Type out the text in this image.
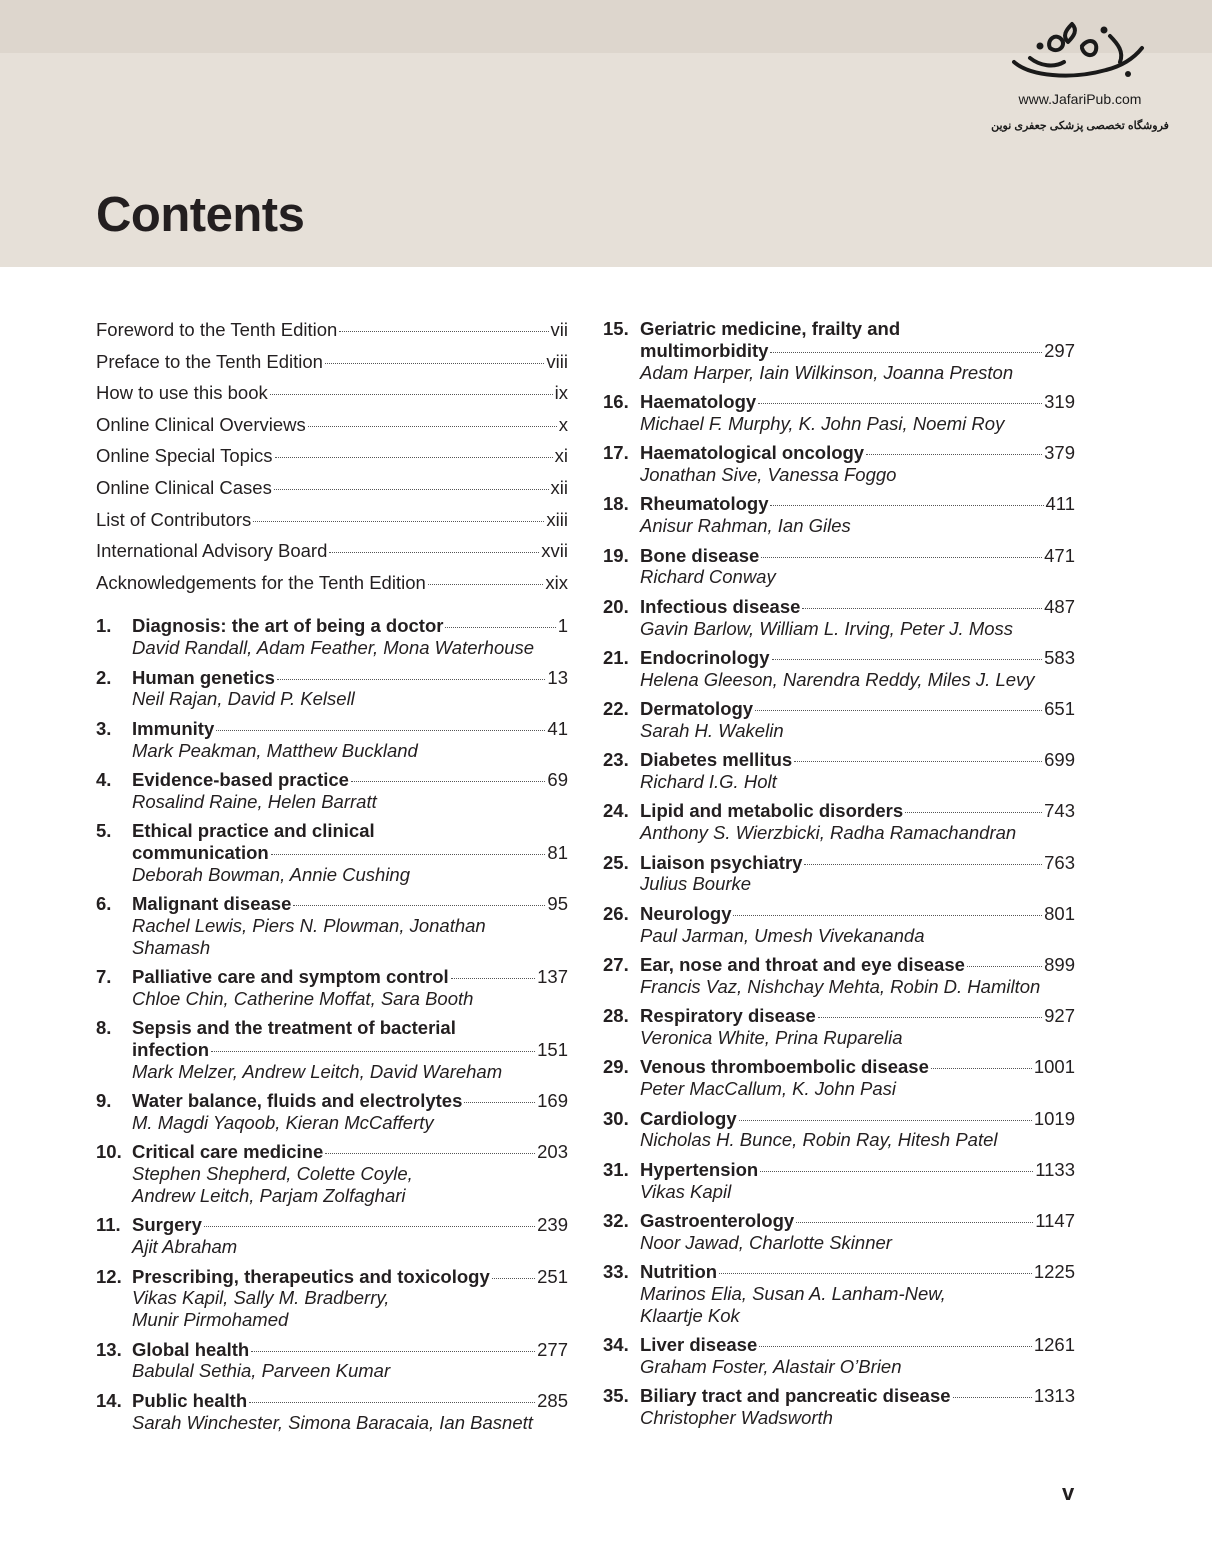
www.JafariPub.com
فروشگاه تخصصی پزشکی جعفری نوین
Contents
Foreword to the Tenth Edition	vii
Preface to the Tenth Edition	viii
How to use this book	ix
Online Clinical Overviews	x
Online Special Topics	xi
Online Clinical Cases	xii
List of Contributors	xiii
International Advisory Board	xvii
Acknowledgements for the Tenth Edition	xix
1.	Diagnosis: the art of being a doctor	1
David Randall, Adam Feather, Mona Waterhouse
2.	Human genetics	13
Neil Rajan, David P. Kelsell
3.	Immunity	41
Mark Peakman, Matthew Buckland
4.	Evidence-based practice	69
Rosalind Raine, Helen Barratt
5.	Ethical practice and clinical
communication	81
Deborah Bowman, Annie Cushing
6.	Malignant disease	95
Rachel Lewis, Piers N. Plowman, Jonathan Shamash
7.	Palliative care and symptom control	137
Chloe Chin, Catherine Moffat, Sara Booth
8.	Sepsis and the treatment of bacterial
infection	151
Mark Melzer, Andrew Leitch, David Wareham
9.	Water balance, fluids and electrolytes	169
M. Magdi Yaqoob, Kieran McCafferty
10. Critical care medicine	203
Stephen Shepherd, Colette Coyle,
Andrew Leitch, Parjam Zolfaghari
11. Surgery	239
Ajit Abraham
12. Prescribing, therapeutics and toxicology	251
Vikas Kapil, Sally M. Bradberry,
Munir Pirmohamed
13. Global health	277
Babulal Sethia, Parveen Kumar
14. Public health	285
Sarah Winchester, Simona Baracaia, Ian Basnett
15. Geriatric medicine, frailty and
multimorbidity	297
Adam Harper, Iain Wilkinson, Joanna Preston
16. Haematology	319
Michael F. Murphy, K. John Pasi, Noemi Roy
17. Haematological oncology	379
Jonathan Sive, Vanessa Foggo
18. Rheumatology	411
Anisur Rahman, Ian Giles
19. Bone disease	471
Richard Conway
20. Infectious disease	487
Gavin Barlow, William L. Irving, Peter J. Moss
21. Endocrinology	583
Helena Gleeson, Narendra Reddy, Miles J. Levy
22. Dermatology	651
Sarah H. Wakelin
23. Diabetes mellitus	699
Richard I.G. Holt
24. Lipid and metabolic disorders	743
Anthony S. Wierzbicki, Radha Ramachandran
25. Liaison psychiatry	763
Julius Bourke
26. Neurology	801
Paul Jarman, Umesh Vivekananda
27. Ear, nose and throat and eye disease	899
Francis Vaz, Nishchay Mehta, Robin D. Hamilton
28. Respiratory disease	927
Veronica White, Prina Ruparelia
29. Venous thromboembolic disease	1001
Peter MacCallum, K. John Pasi
30. Cardiology	1019
Nicholas H. Bunce, Robin Ray, Hitesh Patel
31. Hypertension	1133
Vikas Kapil
32. Gastroenterology	1147
Noor Jawad, Charlotte Skinner
33. Nutrition	1225
Marinos Elia, Susan A. Lanham-New,
Klaartje Kok
34. Liver disease	1261
Graham Foster, Alastair O’Brien
35. Biliary tract and pancreatic disease	1313
Christopher Wadsworth
v
